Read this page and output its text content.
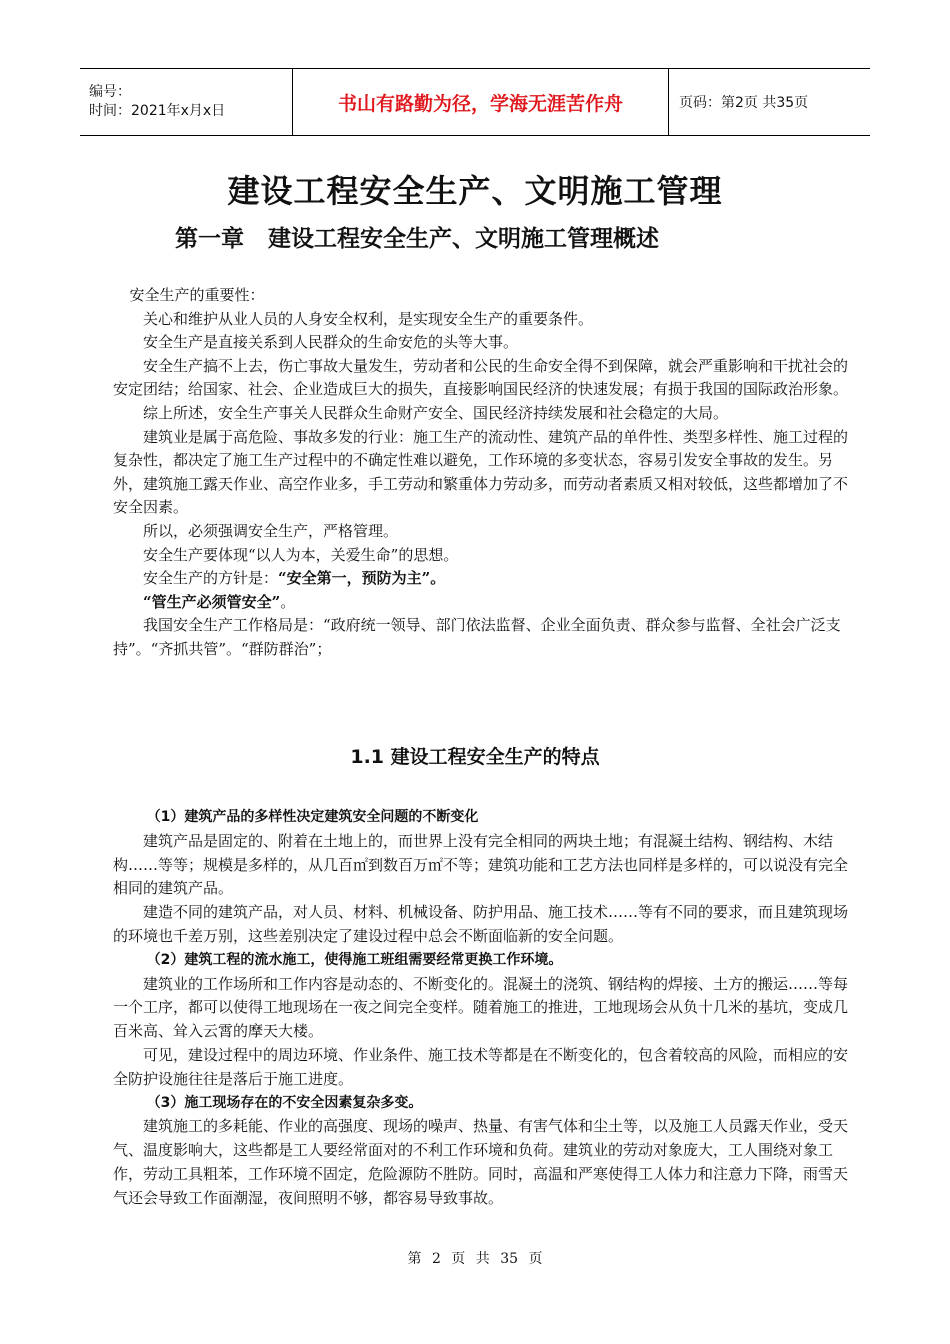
编号：
时间：2021年x月x日	书山有路勤为径，学海无涯苦作舟	页码：第2页 共35页
建设工程安全生产、文明施工管理
第一章   建设工程安全生产、文明施工管理概述

安全生产的重要性：

关心和维护从业人员的人身安全权利，是实现安全生产的重要条件。

安全生产是直接关系到人民群众的生命安危的头等大事。

安全生产搞不上去，伤亡事故大量发生，劳动者和公民的生命安全得不到保障，就会严重影响和干扰社会的安定团结；给国家、社会、企业造成巨大的损失，直接影响国民经济的快速发展；有损于我国的国际政治形象。

综上所述，安全生产事关人民群众生命财产安全、国民经济持续发展和社会稳定的大局。

建筑业是属于高危险、事故多发的行业：施工生产的流动性、建筑产品的单件性、类型多样性、施工过程的复杂性，都决定了施工生产过程中的不确定性难以避免，工作环境的多变状态，容易引发安全事故的发生。另外，建筑施工露天作业、高空作业多，手工劳动和繁重体力劳动多，而劳动者素质又相对较低，这些都增加了不安全因素。

所以，必须强调安全生产，严格管理。

安全生产要体现“以人为本，关爱生命”的思想。

安全生产的方针是：“安全第一，预防为主”。

“管生产必须管安全”。

我国安全生产工作格局是：“政府统一领导、部门依法监督、企业全面负责、群众参与监督、全社会广泛支持”。“齐抓共管”。“群防群治”；

1.1 建设工程安全生产的特点

（1）建筑产品的多样性决定建筑安全问题的不断变化

建筑产品是固定的、附着在土地上的，而世界上没有完全相同的两块土地；有混凝土结构、钢结构、木结构……等等；规模是多样的，从几百㎡到数百万㎡不等；建筑功能和工艺方法也同样是多样的，可以说没有完全相同的建筑产品。

建造不同的建筑产品，对人员、材料、机械设备、防护用品、施工技术……等有不同的要求，而且建筑现场的环境也千差万别，这些差别决定了建设过程中总会不断面临新的安全问题。

（2）建筑工程的流水施工，使得施工班组需要经常更换工作环境。

建筑业的工作场所和工作内容是动态的、不断变化的。混凝土的浇筑、钢结构的焊接、土方的搬运……等每一个工序，都可以使得工地现场在一夜之间完全变样。随着施工的推进，工地现场会从负十几米的基坑，变成几百米高、耸入云霄的摩天大楼。

可见，建设过程中的周边环境、作业条件、施工技术等都是在不断变化的，包含着较高的风险，而相应的安全防护设施往往是落后于施工进度。

（3）施工现场存在的不安全因素复杂多变。

建筑施工的多耗能、作业的高强度、现场的噪声、热量、有害气体和尘土等，以及施工人员露天作业，受天气、温度影响大，这些都是工人要经常面对的不利工作环境和负荷。建筑业的劳动对象庞大，工人围绕对象工作，劳动工具粗苯，工作环境不固定，危险源防不胜防。同时，高温和严寒使得工人体力和注意力下降，雨雪天气还会导致工作面潮湿，夜间照明不够，都容易导致事故。

第 2 页 共 35 页
